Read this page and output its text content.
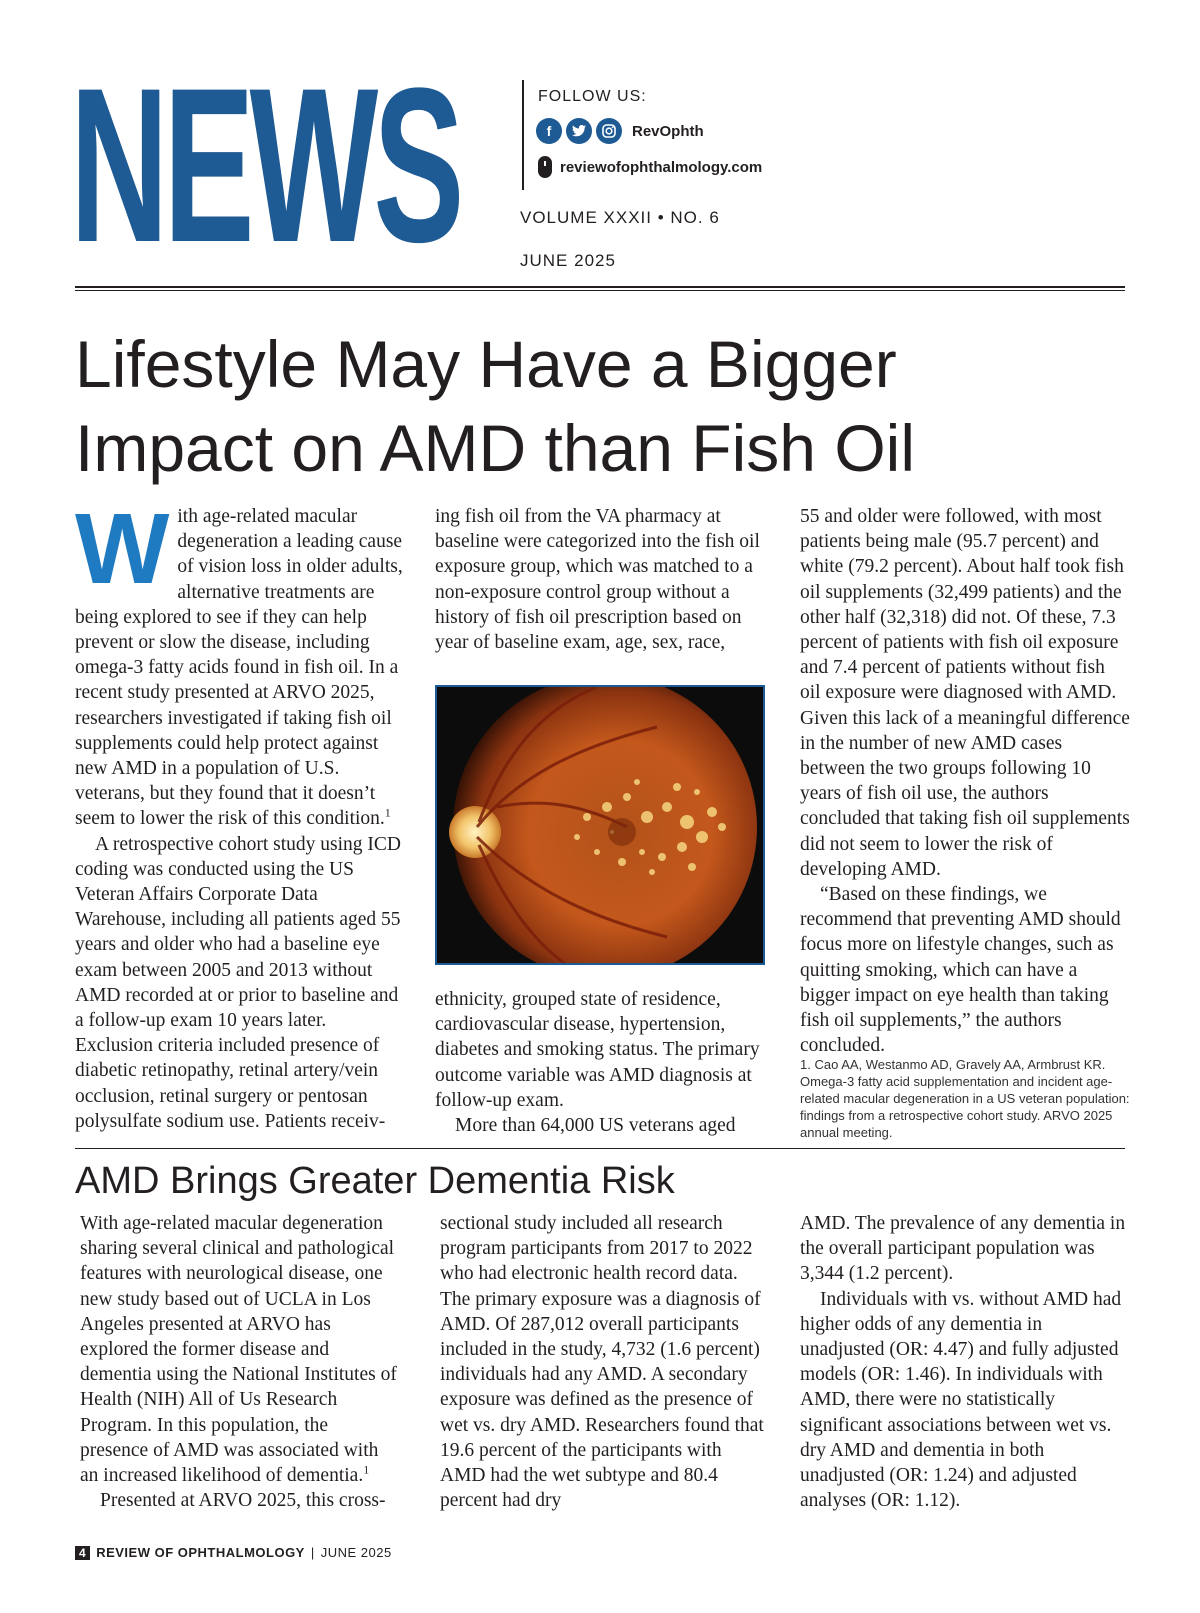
NEWS	FOLLOW US:
f	RevOphth
reviewofophthalmology.com
VOLUME XXXII • NO. 6
JUNE 2025
Lifestyle May Have a Bigger
Impact on AMD than Fish Oil

With age-related macular degeneration a leading cause of vision loss in older adults, alternative treatments are being explored to see if they can help prevent or slow the disease, including omega-3 fatty acids found in fish oil. In a recent study presented at ARVO 2025, researchers investigated if taking fish oil supplements could help protect against new AMD in a population of U.S. veterans, but they found that it doesn’t seem to lower the risk of this condition.$^1$

A retrospective cohort study using ICD coding was conducted using the US Veteran Affairs Corporate Data Warehouse, including all patients aged 55 years and older who had a baseline eye exam between 2005 and 2013 without AMD recorded at or prior to baseline and a follow-up exam 10 years later. Exclusion criteria included presence of diabetic retinopathy, retinal artery/vein occlusion, retinal surgery or pentosan polysulfate sodium use. Patients receiv-

ing fish oil from the VA pharmacy at baseline were categorized into the fish oil exposure group, which was matched to a non-exposure control group without a history of fish oil prescription based on year of baseline exam, age, sex, race,

ethnicity, grouped state of residence, cardiovascular disease, hypertension, diabetes and smoking status. The primary outcome variable was AMD diagnosis at follow-up exam.

More than 64,000 US veterans aged

55 and older were followed, with most patients being male (95.7 percent) and white (79.2 percent). About half took fish oil supplements (32,499 patients) and the other half (32,318) did not. Of these, 7.3 percent of patients with fish oil exposure and 7.4 percent of patients without fish oil exposure were diagnosed with AMD. Given this lack of a meaningful difference in the number of new AMD cases between the two groups following 10 years of fish oil use, the authors concluded that taking fish oil supplements did not seem to lower the risk of developing AMD.

“Based on these findings, we recommend that preventing AMD should focus more on lifestyle changes, such as quitting smoking, which can have a bigger impact on eye health than taking fish oil supplements,” the authors concluded.

1. Cao AA, Westanmo AD, Gravely AA, Armbrust KR. Omega-3 fatty acid supplementation and incident age-related macular degeneration in a US veteran population: findings from a retrospective cohort study. ARVO 2025 annual meeting.
AMD Brings Greater Dementia Risk

With age-related macular degeneration sharing several clinical and pathological features with neurological disease, one new study based out of UCLA in Los Angeles presented at ARVO has explored the former disease and dementia using the National Institutes of Health (NIH) All of Us Research Program. In this population, the presence of AMD was associated with an increased likelihood of dementia.$^1$

Presented at ARVO 2025, this cross-

sectional study included all research program participants from 2017 to 2022 who had electronic health record data. The primary exposure was a diagnosis of AMD. Of 287,012 overall participants included in the study, 4,732 (1.6 percent) individuals had any AMD. A secondary exposure was defined as the presence of wet vs. dry AMD. Researchers found that 19.6 percent of the participants with AMD had the wet subtype and 80.4 percent had dry

AMD. The prevalence of any dementia in the overall participant population was 3,344 (1.2 percent).

Individuals with vs. without AMD had higher odds of any dementia in unadjusted (OR: 4.47) and fully adjusted models (OR: 1.46). In individuals with AMD, there were no statistically significant associations between wet vs. dry AMD and dementia in both unadjusted (OR: 1.24) and adjusted analyses (OR: 1.12).

4 REVIEW OF OPHTHALMOLOGY | JUNE 2025
